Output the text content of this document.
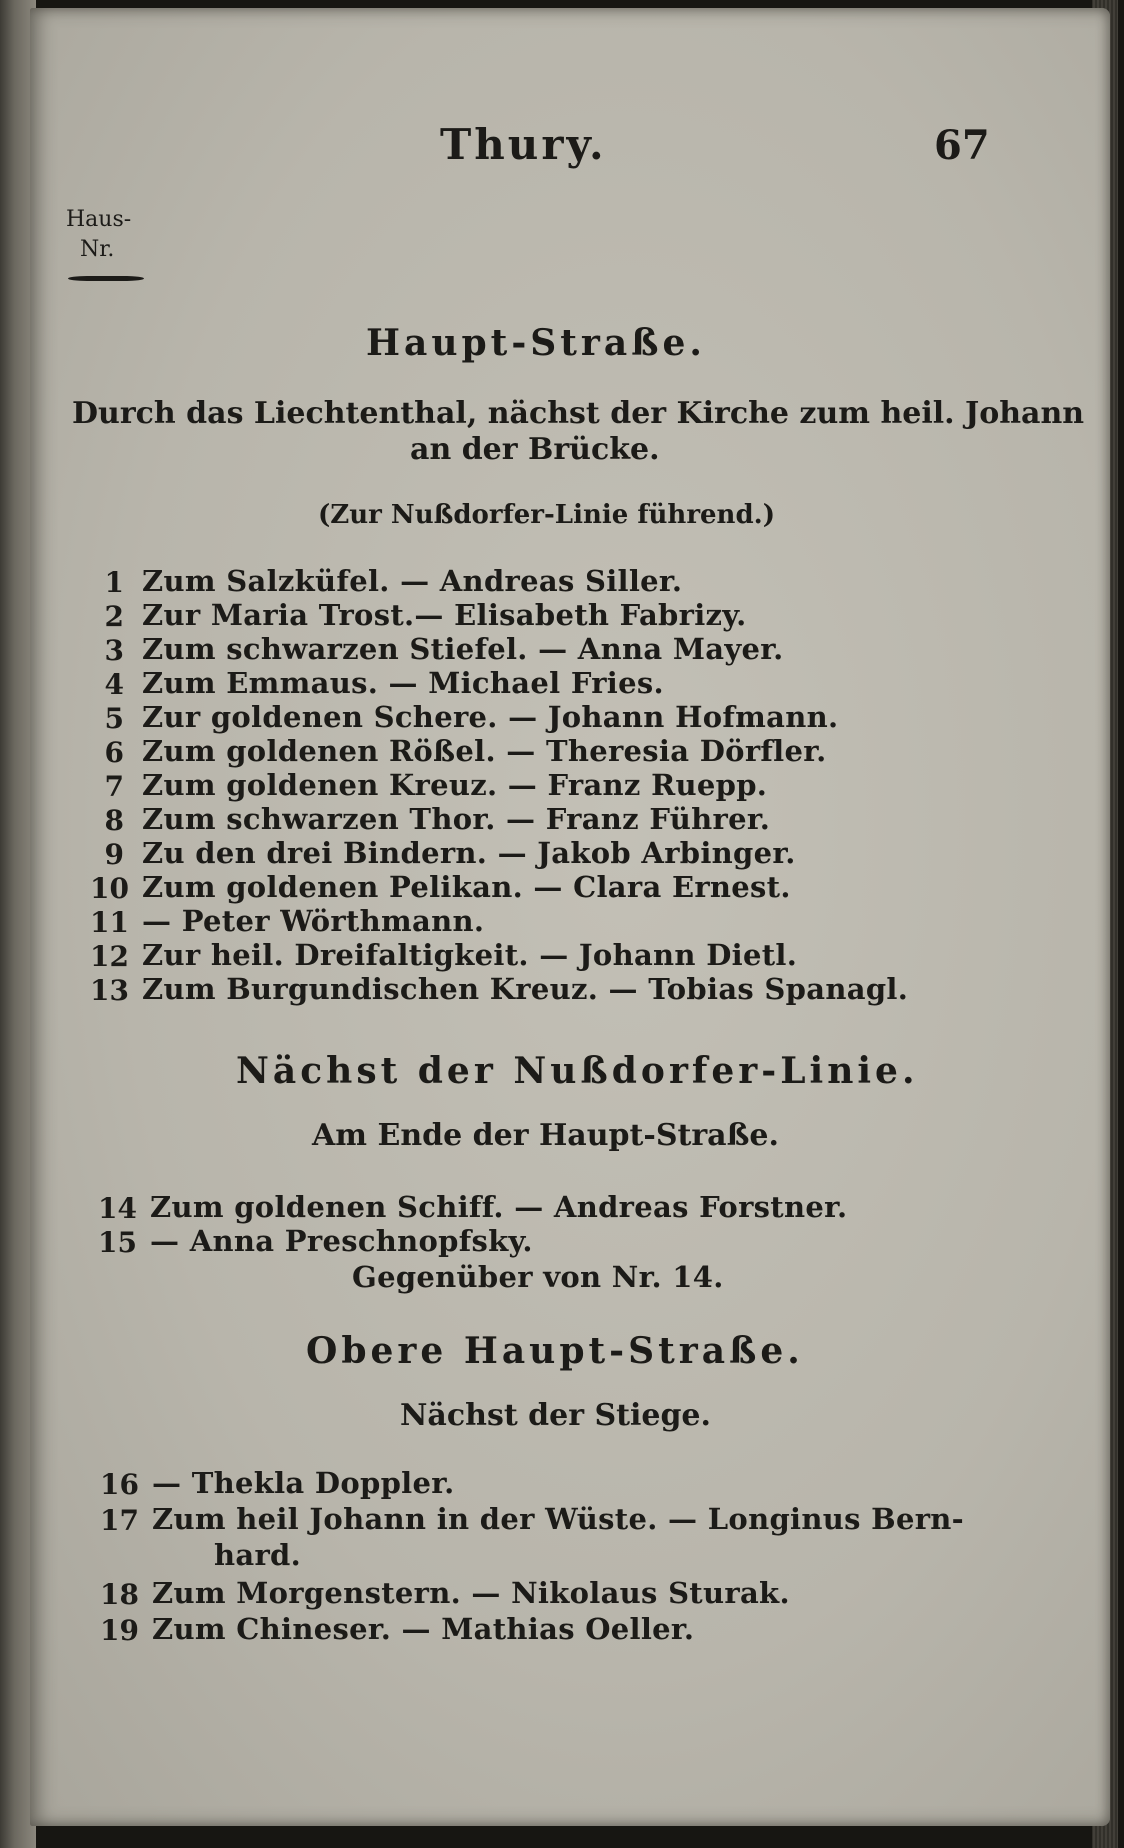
Thury.	67
Haus-
Nr.
Haupt-Straße.
Durch das Liechtenthal, nächst der Kirche zum heil. Johann
an der Brücke.
(Zur Nußdorfer-Linie führend.)
1 Zum Salzküfel. — Andreas Siller.
2 Zur Maria Trost.— Elisabeth Fabrizy.
3 Zum schwarzen Stiefel. — Anna Mayer.
4 Zum Emmaus. — Michael Fries.
5 Zur goldenen Schere. — Johann Hofmann.
6 Zum goldenen Rößel. — Theresia Dörfler.
7 Zum goldenen Kreuz. — Franz Ruepp.
8 Zum schwarzen Thor. — Franz Führer.
9 Zu den drei Bindern. — Jakob Arbinger.
10 Zum goldenen Pelikan. — Clara Ernest.
11 — Peter Wörthmann.
12 Zur heil. Dreifaltigkeit. — Johann Dietl.
13 Zum Burgundischen Kreuz. — Tobias Spanagl.
Nächst der Nußdorfer-Linie.
Am Ende der Haupt-Straße.
14 Zum goldenen Schiff. — Andreas Forstner.
15 — Anna Preschnopfsky.
Gegenüber von Nr. 14.
Obere Haupt-Straße.
Nächst der Stiege.
16 — Thekla Doppler.
17 Zum heil Johann in der Wüste. — Longinus Bern-
hard.
18 Zum Morgenstern. — Nikolaus Sturak.
19 Zum Chineser. — Mathias Oeller.
